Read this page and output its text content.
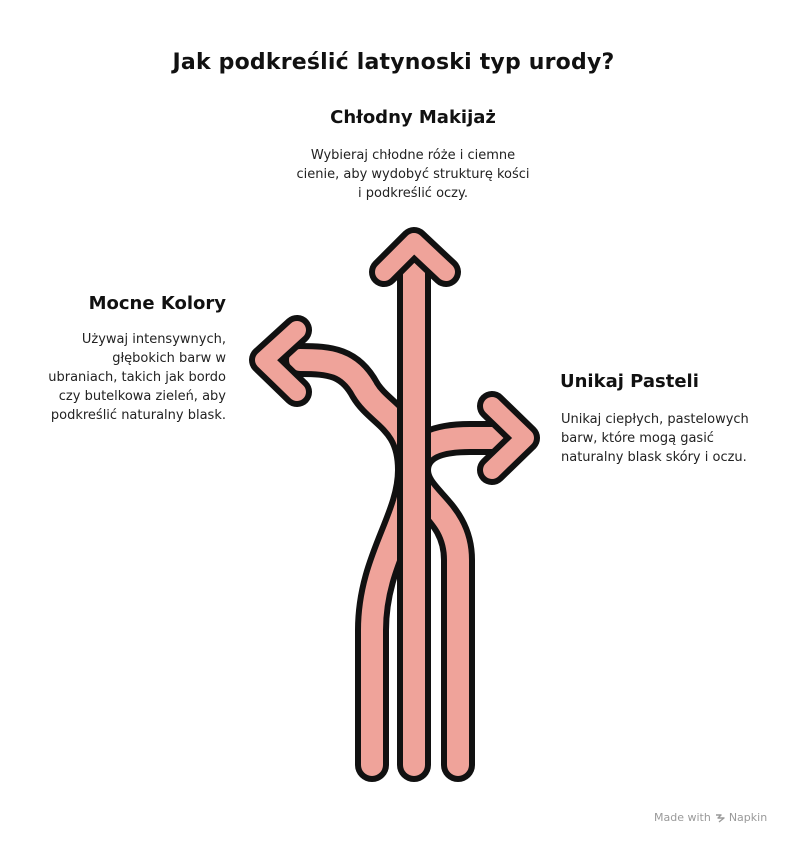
Jak podkreślić latynoski typ urody?
Chłodny Makijaż
Wybieraj chłodne róże i ciemne cienie, aby wydobyć strukturę kości i podkreślić oczy.
Mocne Kolory
Używaj intensywnych, głębokich barw w ubraniach, takich jak bordo czy butelkowa zieleń, aby podkreślić naturalny blask.
Unikaj Pasteli
Unikaj ciepłych, pastelowych barw, które mogą gasić naturalny blask skóry i oczu.
Made with Napkin
